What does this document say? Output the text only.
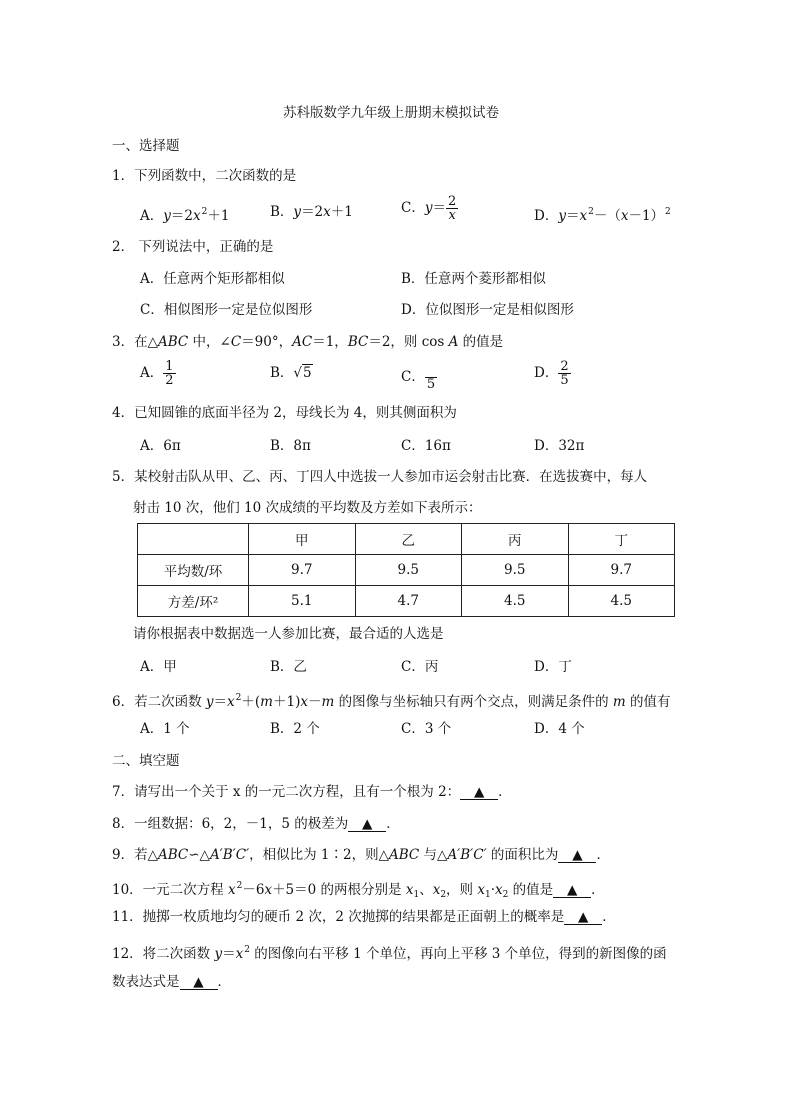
苏科版数学九年级上册期末模拟试卷
一、选择题
1．下列函数中，二次函数的是
A．$y=2x^2+1$	B．y＝2x＋1	C．$y= \frac{2}{x}$	D．$y=x^2-(x-1)^2$
2． 下列说法中，正确的是
A．任意两个矩形都相似	B．任意两个菱形都相似
C．相似图形一定是位似图形	D．位似图形一定是相似图形
3．在△ABC 中，∠C＝90°，AC＝1，BC＝2，则 cos A 的值是
A． $\frac{1}{2}$	B．√5	C．
5
D． $\frac{2}{5}$
4．已知圆锥的底面半径为 2，母线长为 4，则其侧面积为
A．6π	B．8π	C．16π	D．32π
5．某校射击队从甲、乙、丙、丁四人中选拔一人参加市运会射击比赛．在选拔赛中，每人
射击 10 次，他们 10 次成绩的平均数及方差如下表所示：
	甲	乙	丙	丁
平均数/环	9.7	9.5	9.5	9.7
方差/环²	5.1	4.7	4.5	4.5
请你根据表中数据选一人参加比赛，最合适的人选是
A．甲	B．乙	C．丙	D．丁
6．若二次函数 $y=x^2+(m+1)x-m$ 的图像与坐标轴只有两个交点，则满足条件的 m 的值有
A．1 个	B．2 个	C．3 个	D．4 个
二、填空题
7．请写出一个关于 x 的一元二次方程，且有一个根为 2： ▲ ．
8．一组数据：6，2，－1，5 的极差为 ▲ ．
9．若△ABC∽△A′B′C′，相似比为 1∶2，则△ABC 与△A′B′C′ 的面积比为 ▲ ．
10．一元二次方程 $x^2-6x+5=0$ 的两根分别是 $x_1$、$x_2$，则 $x_1\cdot x_2$ 的值是 ▲ ．
11．抛掷一枚质地均匀的硬币 2 次，2 次抛掷的结果都是正面朝上的概率是 ▲ ．
12．将二次函数 $y=x^2$ 的图像向右平移 1 个单位，再向上平移 3 个单位，得到的新图像的函
数表达式是 ▲ ．
